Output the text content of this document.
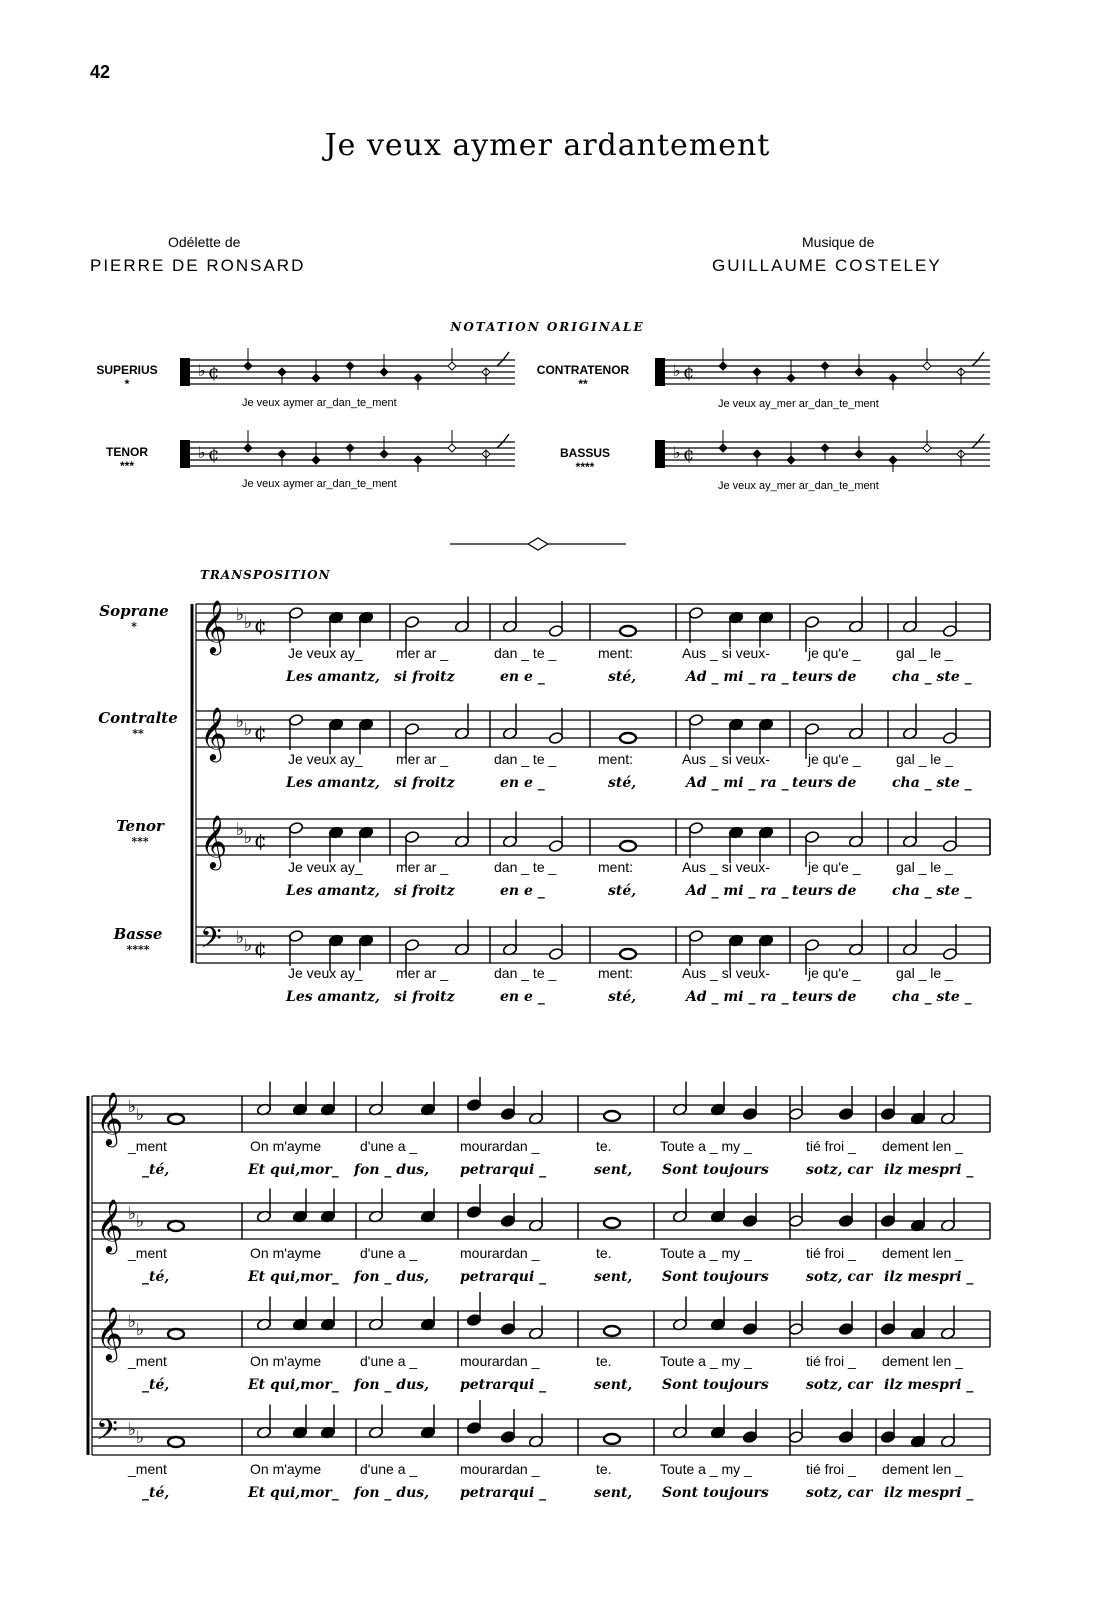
42
Je veux aymer ardantement
Odélette de
PIERRE DE RONSARD
Musique de
GUILLAUME COSTELEY
NOTATION ORIGINALE
SUPERIUS
*
CONTRATENOR
**
TENOR
***
BASSUS
****
Je veux aymer ar_dan_te_ment	Je veux ay_mer ar_dan_te_ment
Je veux aymer ar_dan_te_ment	Je veux ay_mer ar_dan_te_ment
♭ ¢	♭ ¢
♭ ¢	♭ ¢
𝄞 ♭ ♭ ¢
𝄞 ♭ ♭ ¢
𝄞 ♭ ♭ ¢
𝄢 ♭ ♭ ¢
𝄞 ♭ ♭
𝄞 ♭ ♭
𝄞 ♭ ♭
𝄢 ♭ ♭
TRANSPOSITION
Soprane
*
Contralte
**
Tenor
***
Basse
****
Je veux ay_ mer ar _	dan _ te _	ment:	Aus _ si veux-	je qu'e _	gal _ le _
Les amantz, si froitz	en e _	sté,	Ad _ mi _ ra _ teurs de	cha _ ste _
Je veux ay_ mer ar _	dan _ te _	ment:	Aus _ si veux-	je qu'e _	gal _ le _
Les amantz, si froitz	en e _	sté,	Ad _ mi _ ra _ teurs de	cha _ ste _
Je veux ay_ mer ar _	dan _ te _	ment:	Aus _ si veux-	je qu'e _	gal _ le _
Les amantz, si froitz	en e _	sté,	Ad _ mi _ ra _ teurs de	cha _ ste _
Je veux ay_ mer ar _	dan _ te _	ment:	Aus _ si veux-	je qu'e _	gal _ le _
Les amantz, si froitz	en e _	sté,	Ad _ mi _ ra _ teurs de	cha _ ste _
_ment	On m'ayme	d'une a _	mourardan _	te.	Toute a _ my _	tié froi _ dement len _
_té,	Et qui,mor_ fon _ dus, petrarqui _	sent, Sont toujours	sotz, car ilz mespri _
_ment	On m'ayme	d'une a _	mourardan _	te.	Toute a _ my _	tié froi _ dement len _
_té,	Et qui,mor_ fon _ dus, petrarqui _	sent, Sont toujours	sotz, car ilz mespri _
_ment	On m'ayme	d'une a _	mourardan _	te.	Toute a _ my _	tié froi _ dement len _
_té,	Et qui,mor_ fon _ dus, petrarqui _	sent, Sont toujours	sotz, car ilz mespri _
_ment	On m'ayme	d'une a _	mourardan _	te.	Toute a _ my _	tié froi _ dement len _
_té,	Et qui,mor_ fon _ dus, petrarqui _	sent, Sont toujours	sotz, car ilz mespri _
